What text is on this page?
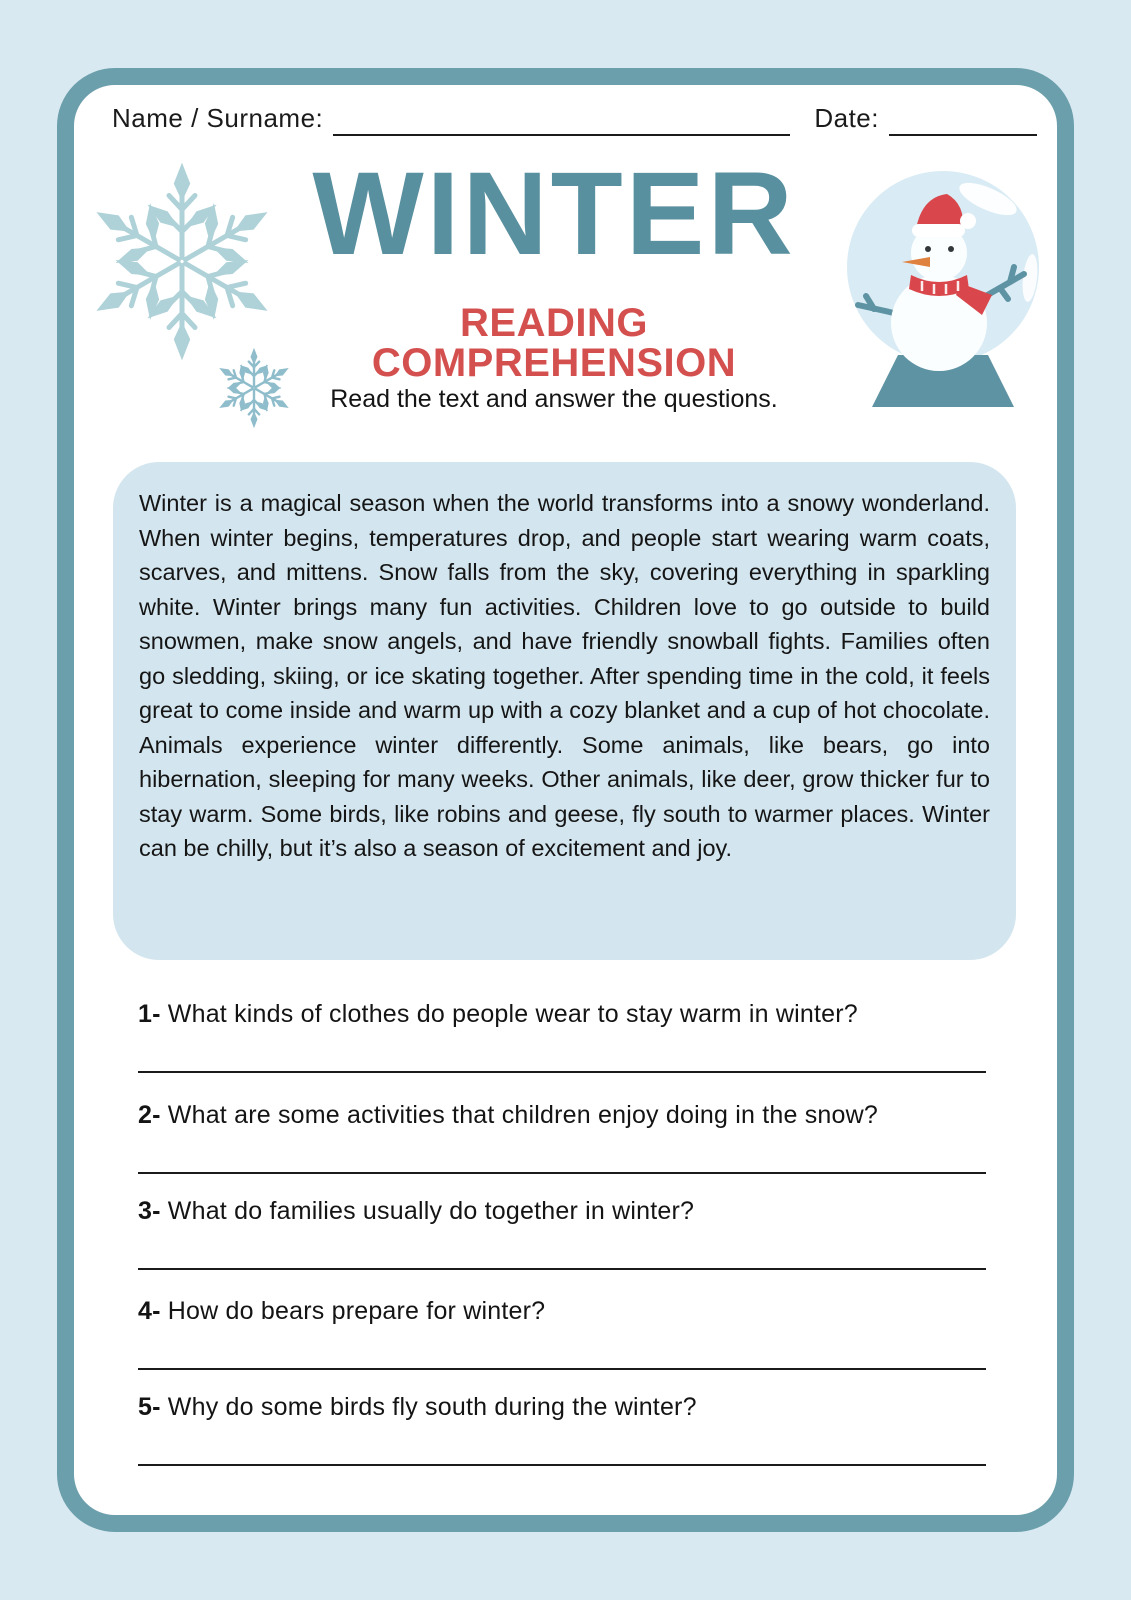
Name / Surname:	Date:
WINTER
READING COMPREHENSION

Read the text and answer the questions.

Winter is a magical season when the world transforms into a snowy wonderland. When winter begins, temperatures drop, and people start wearing warm coats, scarves, and mittens. Snow falls from the sky, covering everything in sparkling white. Winter brings many fun activities. Children love to go outside to build snowmen, make snow angels, and have friendly snowball fights. Families often go sledding, skiing, or ice skating together. After spending time in the cold, it feels great to come inside and warm up with a cozy blanket and a cup of hot chocolate. Animals experience winter differently. Some animals, like bears, go into hibernation, sleeping for many weeks. Other animals, like deer, grow thicker fur to stay warm. Some birds, like robins and geese, fly south to warmer places. Winter can be chilly, but it’s also a season of excitement and joy.

1- What kinds of clothes do people wear to stay warm in winter?

2- What are some activities that children enjoy doing in the snow?

3- What do families usually do together in winter?

4- How do bears prepare for winter?

5- Why do some birds fly south during the winter?
